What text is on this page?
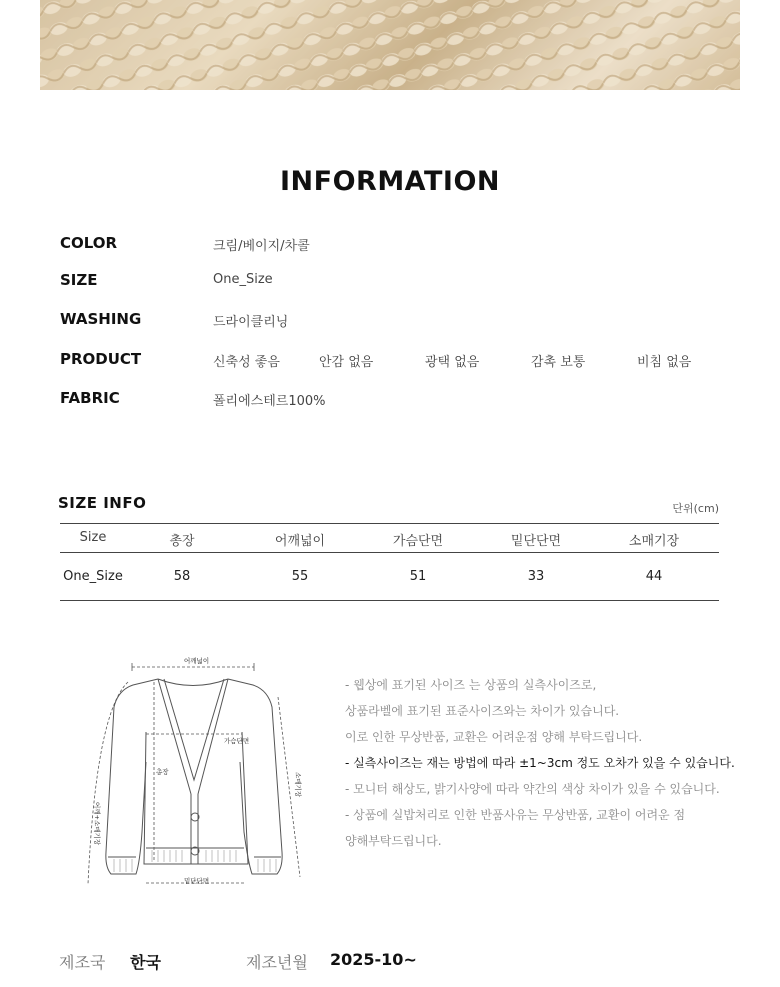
INFORMATION
COLOR	크림/베이지/차콜
SIZE	One_Size
WASHING	드라이클리닝
PRODUCT	신축성 좋음	안감 없음	광택 없음	감촉 보통	비침 없음
FABRIC	폴리에스테르100%
SIZE INFO	단위(cm)
Size	총장	어깨넓이	가슴단면	밑단단면	소매기장
One_Size	58	55	51	33	44
어깨넓이
가슴단면
총장
밑단단면
소매기장
어깨+소매기장
- 웹상에 표기된 사이즈 는 상품의 실측사이즈로,
상품라벨에 표기된 표준사이즈와는 차이가 있습니다.
이로 인한 무상반품, 교환은 어려운점 양해 부탁드립니다.
- 실측사이즈는 재는 방법에 따라 ±1~3cm 정도 오차가 있을 수 있습니다.
- 모니터 해상도, 밝기사양에 따라 약간의 색상 차이가 있을 수 있습니다.
- 상품에 실밥처리로 인한 반품사유는 무상반품, 교환이 어려운 점
양해부탁드립니다.
제조국 한국	제조년월 2025-10~
